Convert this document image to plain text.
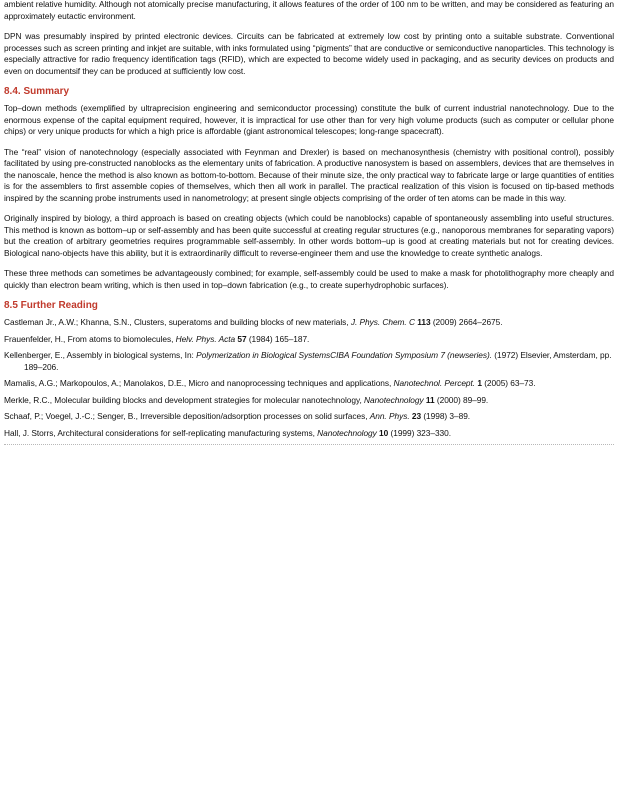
ambient relative humidity. Although not atomically precise manufacturing, it allows features of the order of 100 nm to be written, and may be considered as featuring an approximately eutactic environment.

DPN was presumably inspired by printed electronic devices. Circuits can be fabricated at extremely low cost by printing onto a suitable substrate. Conventional processes such as screen printing and inkjet are suitable, with inks formulated using “pigments” that are conductive or semiconductive nanoparticles. This technology is especially attractive for radio frequency identification tags (RFID), which are expected to become widely used in packaging, and as security devices on products and even on documentsif they can be produced at sufficiently low cost.

8.4. Summary

Top–down methods (exemplified by ultraprecision engineering and semiconductor processing) constitute the bulk of current industrial nanotechnology. Due to the enormous expense of the capital equipment required, however, it is impractical for use other than for very high volume products (such as computer or cellular phone chips) or very unique products for which a high price is affordable (giant astronomical telescopes; long-range spacecraft).

The “real” vision of nanotechnology (especially associated with Feynman and Drexler) is based on mechanosynthesis (chemistry with positional control), possibly facilitated by using pre-constructed nanoblocks as the elementary units of fabrication. A productive nanosystem is based on assemblers, devices that are themselves in the nanoscale, hence the method is also known as bottom-to-bottom. Because of their minute size, the only practical way to fabricate large or large quantities of entities is for the assemblers to first assemble copies of themselves, which then all work in parallel. The practical realization of this vision is focused on tip-based methods inspired by the scanning probe instruments used in nanometrology; at present single objects comprising of the order of ten atoms can be made in this way.

Originally inspired by biology, a third approach is based on creating objects (which could be nanoblocks) capable of spontaneously assembling into useful structures. This method is known as bottom–up or self-assembly and has been quite successful at creating regular structures (e.g., nanoporous membranes for separating vapors) but the creation of arbitrary geometries requires programmable self-assembly. In other words bottom–up is good at creating materials but not for creating devices. Biological nano-objects have this ability, but it is extraordinarily difficult to reverse-engineer them and use the knowledge to create synthetic analogs.

These three methods can sometimes be advantageously combined; for example, self-assembly could be used to make a mask for photolithography more cheaply and quickly than electron beam writing, which is then used in top–down fabrication (e.g., to create superhydrophobic surfaces).

8.5 Further Reading
Castleman Jr., A.W.; Khanna, S.N., Clusters, superatoms and building blocks of new materials, J. Phys. Chem. C 113 (2009) 2664–2675.
Frauenfelder, H., From atoms to biomolecules, Helv. Phys. Acta 57 (1984) 165–187.
Kellenberger, E., Assembly in biological systems, In: Polymerization in Biological SystemsCIBA Foundation Symposium 7 (newseries). (1972) Elsevier, Amsterdam, pp. 189–206.
Mamalis, A.G.; Markopoulos, A.; Manolakos, D.E., Micro and nanoprocessing techniques and applications, Nanotechnol. Percept. 1 (2005) 63–73.
Merkle, R.C., Molecular building blocks and development strategies for molecular nanotechnology, Nanotechnology 11 (2000) 89–99.
Schaaf, P.; Voegel, J.-C.; Senger, B., Irreversible deposition/adsorption processes on solid surfaces, Ann. Phys. 23 (1998) 3–89.
Hall, J. Storrs, Architectural considerations for self-replicating manufacturing systems, Nanotechnology 10 (1999) 323–330.
